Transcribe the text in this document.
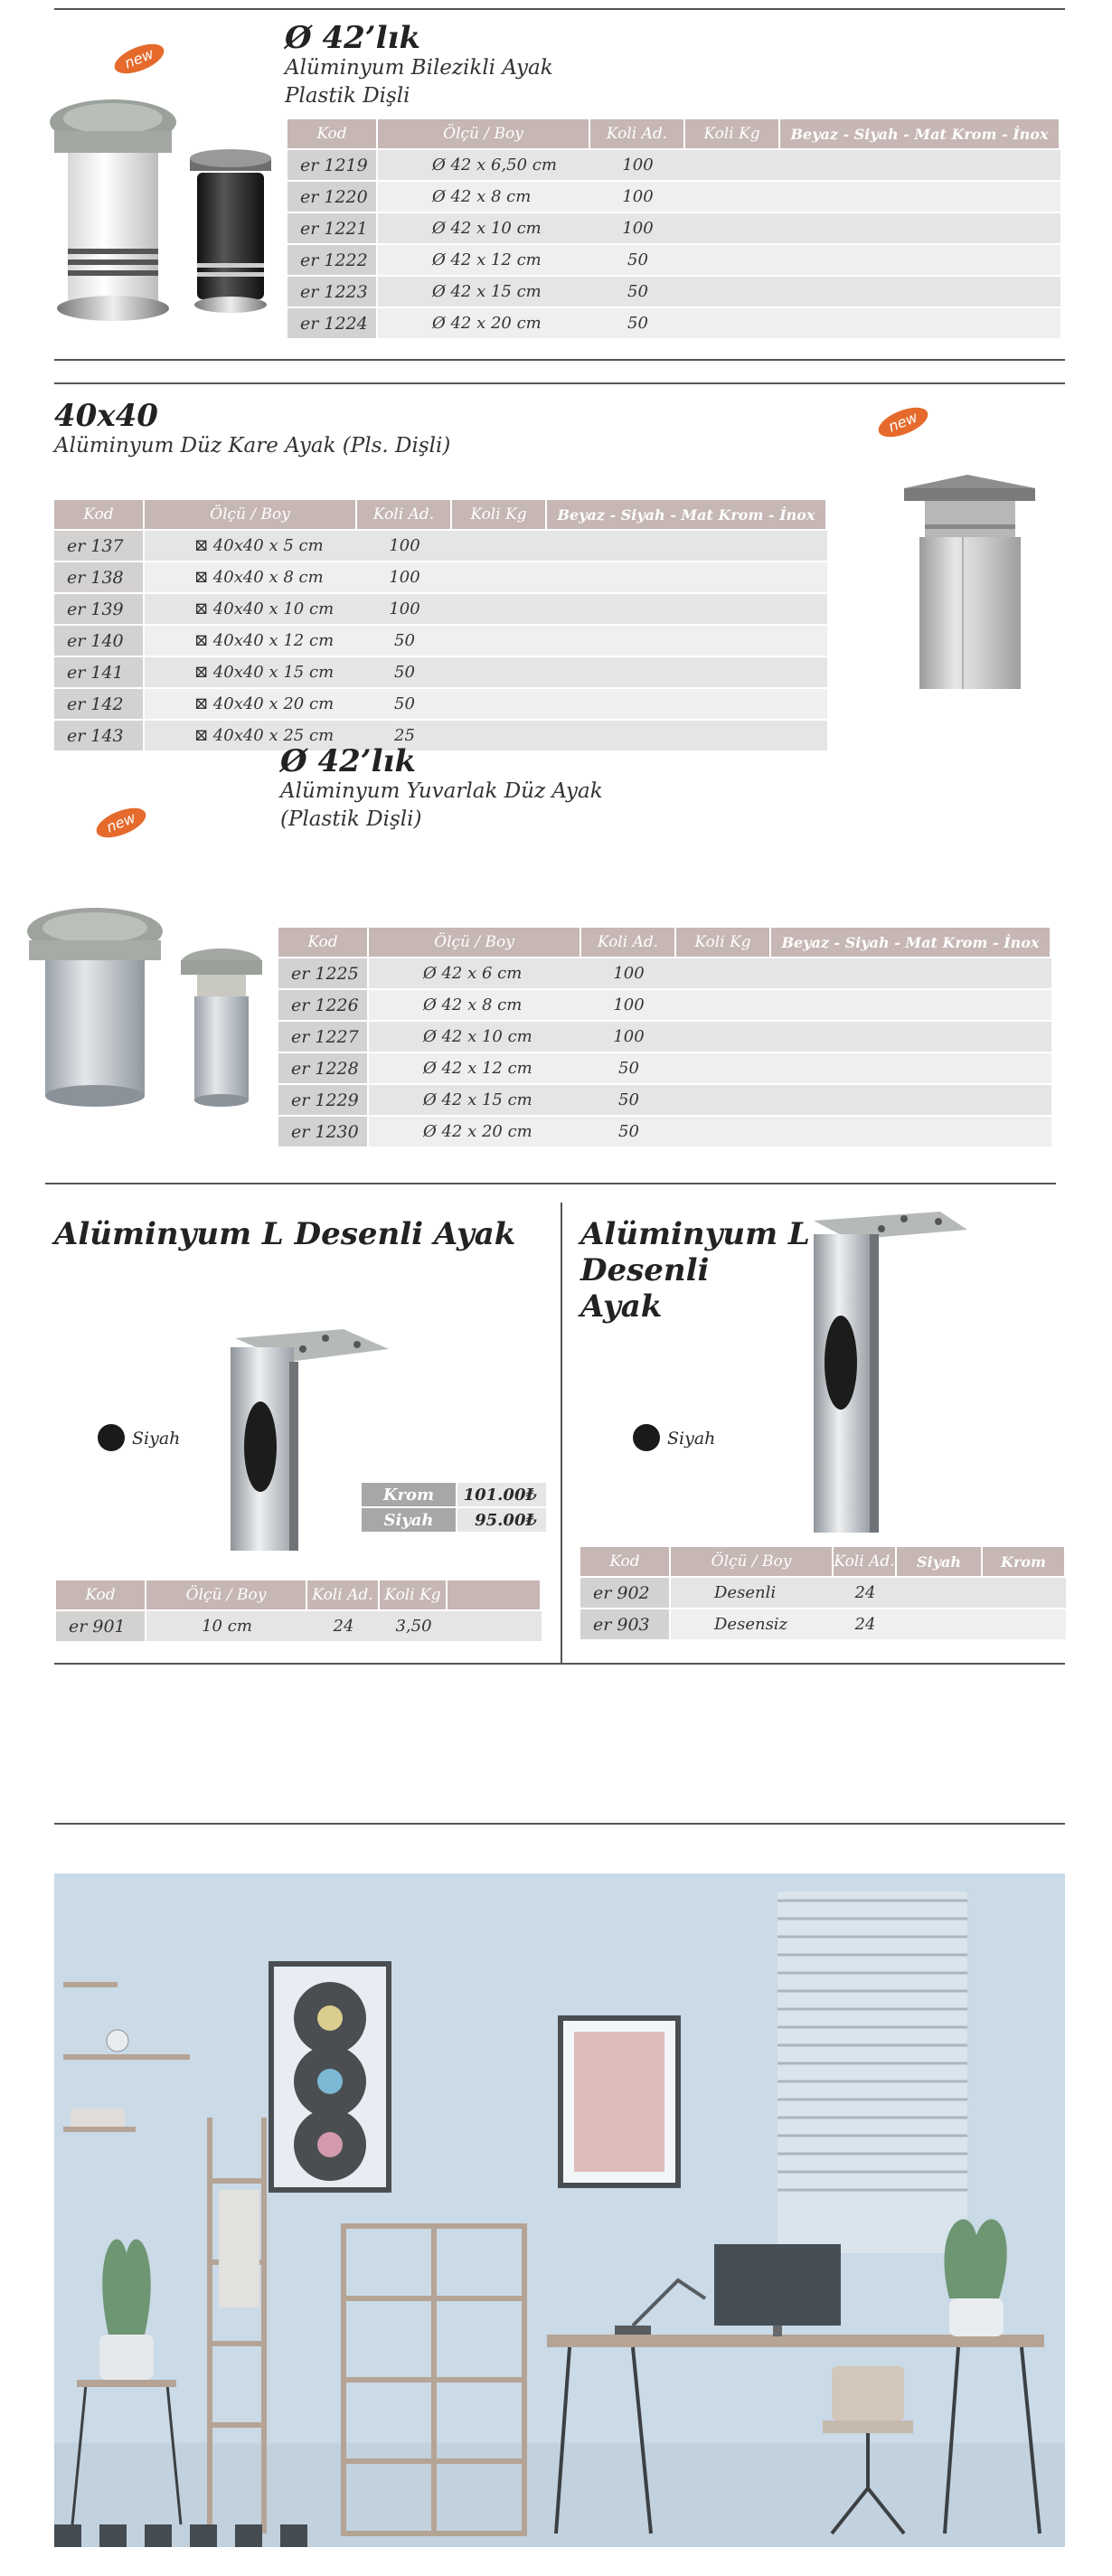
new
Ø 42’lık
Alüminyum Bilezikli Ayak
Plastik Dişli
Kod	Ölçü / Boy	Koli Ad.	Koli Kg	Beyaz - Siyah - Mat Krom - İnox
er 1219	Ø 42 x 6,50 cm	100		
er 1220	Ø 42 x 8 cm	100		
er 1221	Ø 42 x 10 cm	100		
er 1222	Ø 42 x 12 cm	50		
er 1223	Ø 42 x 15 cm	50		
er 1224	Ø 42 x 20 cm	50		
40x40
Alüminyum Düz Kare Ayak (Pls. Dişli)
new
Kod	Ölçü / Boy	Koli Ad.	Koli Kg	Beyaz - Siyah - Mat Krom - İnox
er 137	⊠ 40x40 x 5 cm	100		
er 138	⊠ 40x40 x 8 cm	100		
er 139	⊠ 40x40 x 10 cm	100		
er 140	⊠ 40x40 x 12 cm	50		
er 141	⊠ 40x40 x 15 cm	50		
er 142	⊠ 40x40 x 20 cm	50		
er 143	⊠ 40x40 x 25 cm	25		
Ø 42’lık
Alüminyum Yuvarlak Düz Ayak
(Plastik Dişli)
new
Kod	Ölçü / Boy	Koli Ad.	Koli Kg	Beyaz - Siyah - Mat Krom - İnox
er 1225	Ø 42 x 6 cm	100		
er 1226	Ø 42 x 8 cm	100		
er 1227	Ø 42 x 10 cm	100		
er 1228	Ø 42 x 12 cm	50		
er 1229	Ø 42 x 15 cm	50		
er 1230	Ø 42 x 20 cm	50		
Alüminyum L Desenli Ayak
Siyah
Krom	101.00₺
Siyah	95.00₺
Kod	Ölçü / Boy	Koli Ad.	Koli Kg	
er 901	10 cm	24	3,50	
Alüminyum L
Desenli
Ayak
Siyah
Kod	Ölçü / Boy	Koli Ad.	Siyah	Krom
er 902	Desenli	24		
er 903	Desensiz	24		
